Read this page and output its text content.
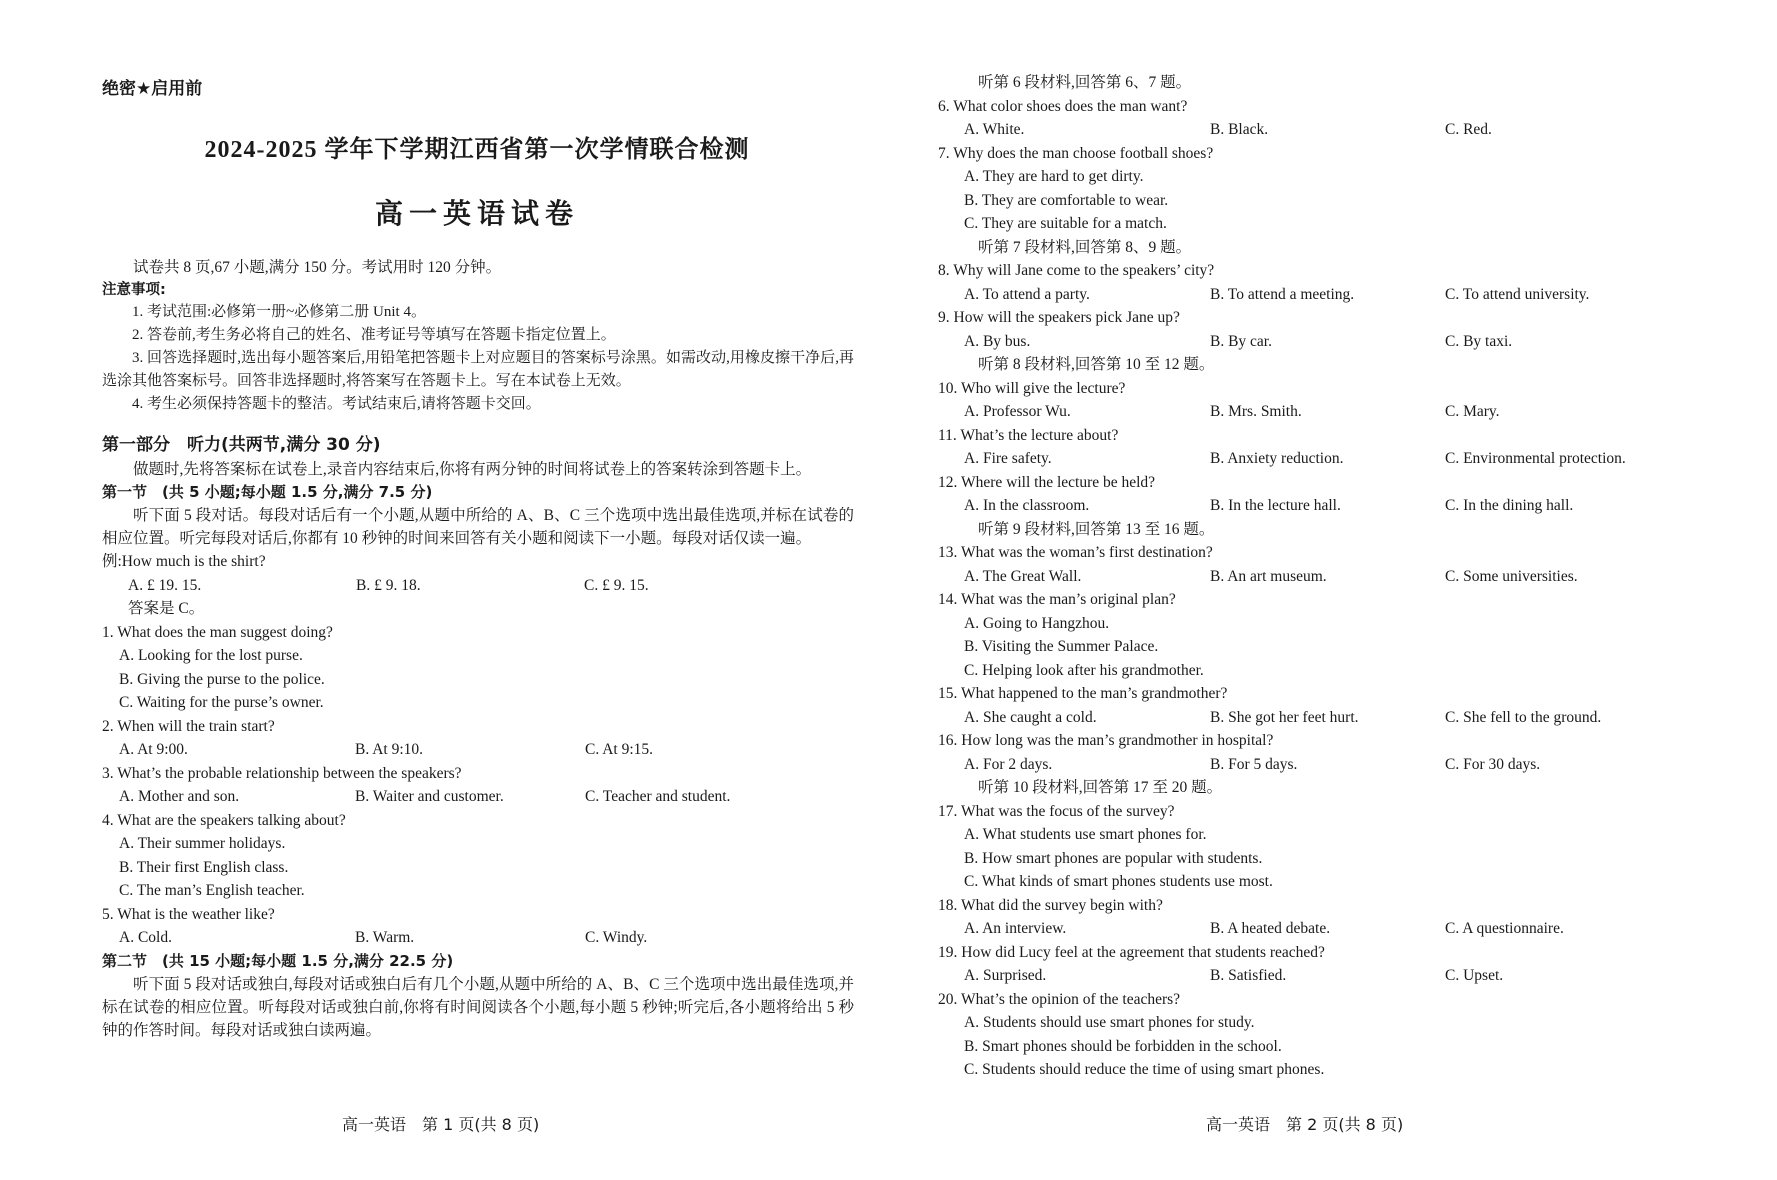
绝密★启用前
2024-2025 学年下学期江西省第一次学情联合检测
高一英语试卷
试卷共 8 页,67 小题,满分 150 分。考试用时 120 分钟。
注意事项:
1. 考试范围:必修第一册~必修第二册 Unit 4。
2. 答卷前,考生务必将自己的姓名、准考证号等填写在答题卡指定位置上。
3. 回答选择题时,选出每小题答案后,用铅笔把答题卡上对应题目的答案标号涂黑。如需改动,用橡皮擦干净后,再选涂其他答案标号。回答非选择题时,将答案写在答题卡上。写在本试卷上无效。
4. 考生必须保持答题卡的整洁。考试结束后,请将答题卡交回。
第一部分　听力(共两节,满分 30 分)
做题时,先将答案标在试卷上,录音内容结束后,你将有两分钟的时间将试卷上的答案转涂到答题卡上。
第一节　(共 5 小题;每小题 1.5 分,满分 7.5 分)
听下面 5 段对话。每段对话后有一个小题,从题中所给的 A、B、C 三个选项中选出最佳选项,并标在试卷的相应位置。听完每段对话后,你都有 10 秒钟的时间来回答有关小题和阅读下一小题。每段对话仅读一遍。
例:How much is the shirt?
A. £ 19. 15.	B. £ 9. 18.	C. £ 9. 15.
答案是 C。
1. What does the man suggest doing?
A. Looking for the lost purse.
B. Giving the purse to the police.
C. Waiting for the purse’s owner.
2. When will the train start?
A. At 9:00.	B. At 9:10.	C. At 9:15.
3. What’s the probable relationship between the speakers?
A. Mother and son.	B. Waiter and customer.	C. Teacher and student.
4. What are the speakers talking about?
A. Their summer holidays.
B. Their first English class.
C. The man’s English teacher.
5. What is the weather like?
A. Cold.	B. Warm.	C. Windy.
第二节　(共 15 小题;每小题 1.5 分,满分 22.5 分)
听下面 5 段对话或独白,每段对话或独白后有几个小题,从题中所给的 A、B、C 三个选项中选出最佳选项,并标在试卷的相应位置。听每段对话或独白前,你将有时间阅读各个小题,每小题 5 秒钟;听完后,各小题将给出 5 秒钟的作答时间。每段对话或独白读两遍。
高一英语　第 1 页(共 8 页)
听第 6 段材料,回答第 6、7 题。
6. What color shoes does the man want?
A. White.	B. Black.	C. Red.
7. Why does the man choose football shoes?
A. They are hard to get dirty.
B. They are comfortable to wear.
C. They are suitable for a match.
听第 7 段材料,回答第 8、9 题。
8. Why will Jane come to the speakers’ city?
A. To attend a party.	B. To attend a meeting.	C. To attend university.
9. How will the speakers pick Jane up?
A. By bus.	B. By car.	C. By taxi.
听第 8 段材料,回答第 10 至 12 题。
10. Who will give the lecture?
A. Professor Wu.	B. Mrs. Smith.	C. Mary.
11. What’s the lecture about?
A. Fire safety.	B. Anxiety reduction.	C. Environmental protection.
12. Where will the lecture be held?
A. In the classroom.	B. In the lecture hall.	C. In the dining hall.
听第 9 段材料,回答第 13 至 16 题。
13. What was the woman’s first destination?
A. The Great Wall.	B. An art museum.	C. Some universities.
14. What was the man’s original plan?
A. Going to Hangzhou.
B. Visiting the Summer Palace.
C. Helping look after his grandmother.
15. What happened to the man’s grandmother?
A. She caught a cold.	B. She got her feet hurt.	C. She fell to the ground.
16. How long was the man’s grandmother in hospital?
A. For 2 days.	B. For 5 days.	C. For 30 days.
听第 10 段材料,回答第 17 至 20 题。
17. What was the focus of the survey?
A. What students use smart phones for.
B. How smart phones are popular with students.
C. What kinds of smart phones students use most.
18. What did the survey begin with?
A. An interview.	B. A heated debate.	C. A questionnaire.
19. How did Lucy feel at the agreement that students reached?
A. Surprised.	B. Satisfied.	C. Upset.
20. What’s the opinion of the teachers?
A. Students should use smart phones for study.
B. Smart phones should be forbidden in the school.
C. Students should reduce the time of using smart phones.
高一英语　第 2 页(共 8 页)
